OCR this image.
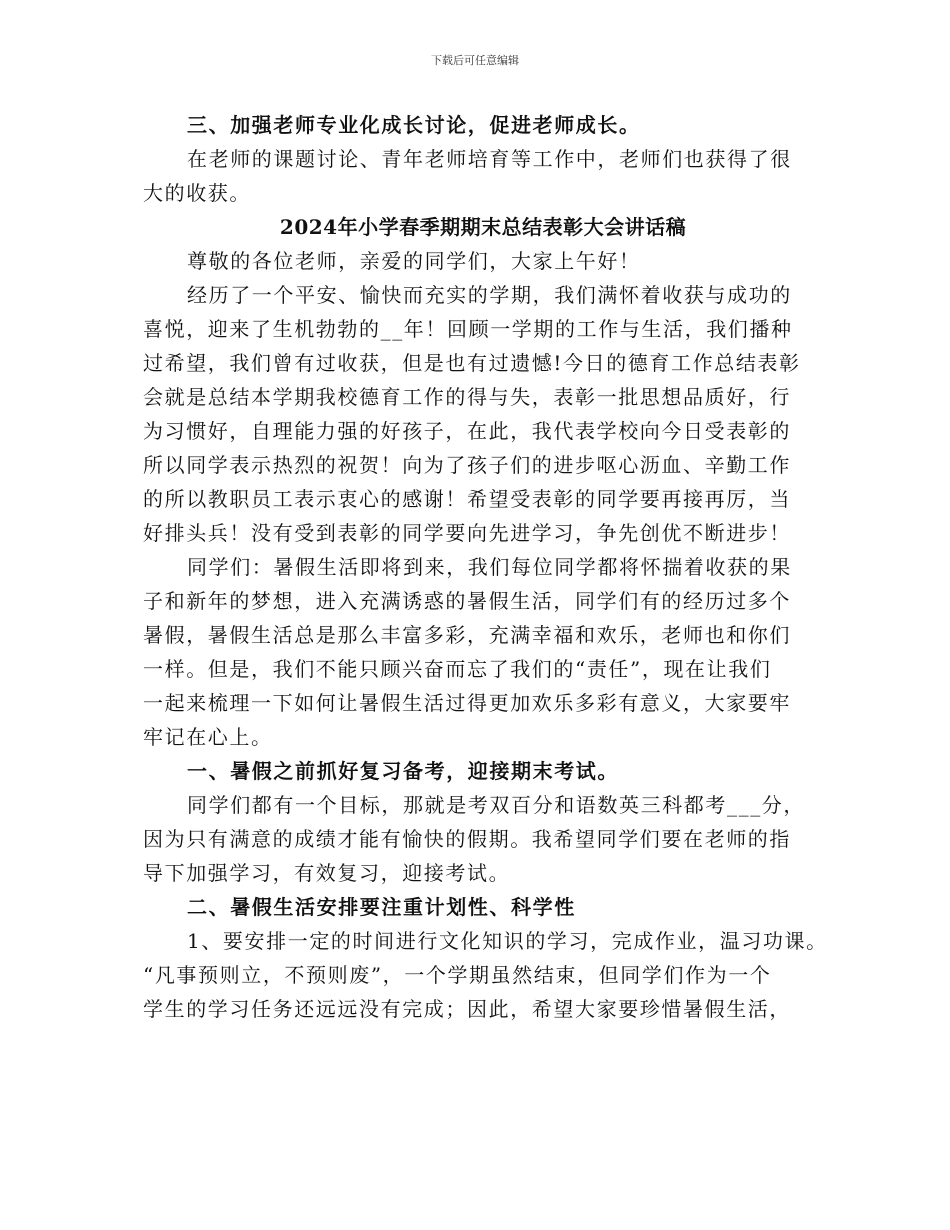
下载后可任意编辑
三、加强老师专业化成长讨论，促进老师成长。
在老师的课题讨论、青年老师培育等工作中，老师们也获得了很
大的收获。
2024年小学春季期期末总结表彰大会讲话稿
尊敬的各位老师，亲爱的同学们，大家上午好！
经历了一个平安、愉快而充实的学期，我们满怀着收获与成功的
喜悦，迎来了生机勃勃的__年！回顾一学期的工作与生活，我们播种
过希望，我们曾有过收获，但是也有过遗憾!今日的德育工作总结表彰
会就是总结本学期我校德育工作的得与失，表彰一批思想品质好，行
为习惯好，自理能力强的好孩子，在此，我代表学校向今日受表彰的
所以同学表示热烈的祝贺！向为了孩子们的进步呕心沥血、辛勤工作
的所以教职员工表示衷心的感谢！希望受表彰的同学要再接再厉，当
好排头兵！没有受到表彰的同学要向先进学习，争先创优不断进步！
同学们：暑假生活即将到来，我们每位同学都将怀揣着收获的果
子和新年的梦想，进入充满诱惑的暑假生活，同学们有的经历过多个
暑假，暑假生活总是那么丰富多彩，充满幸福和欢乐，老师也和你们
一样。但是，我们不能只顾兴奋而忘了我们的“责任”，现在让我们
一起来梳理一下如何让暑假生活过得更加欢乐多彩有意义，大家要牢
牢记在心上。
一、暑假之前抓好复习备考，迎接期末考试。
同学们都有一个目标，那就是考双百分和语数英三科都考___分，
因为只有满意的成绩才能有愉快的假期。我希望同学们要在老师的指
导下加强学习，有效复习，迎接考试。
二、暑假生活安排要注重计划性、科学性
1、要安排一定的时间进行文化知识的学习，完成作业，温习功课。
“凡事预则立，不预则废”，一个学期虽然结束，但同学们作为一个
学生的学习任务还远远没有完成；因此，希望大家要珍惜暑假生活，
